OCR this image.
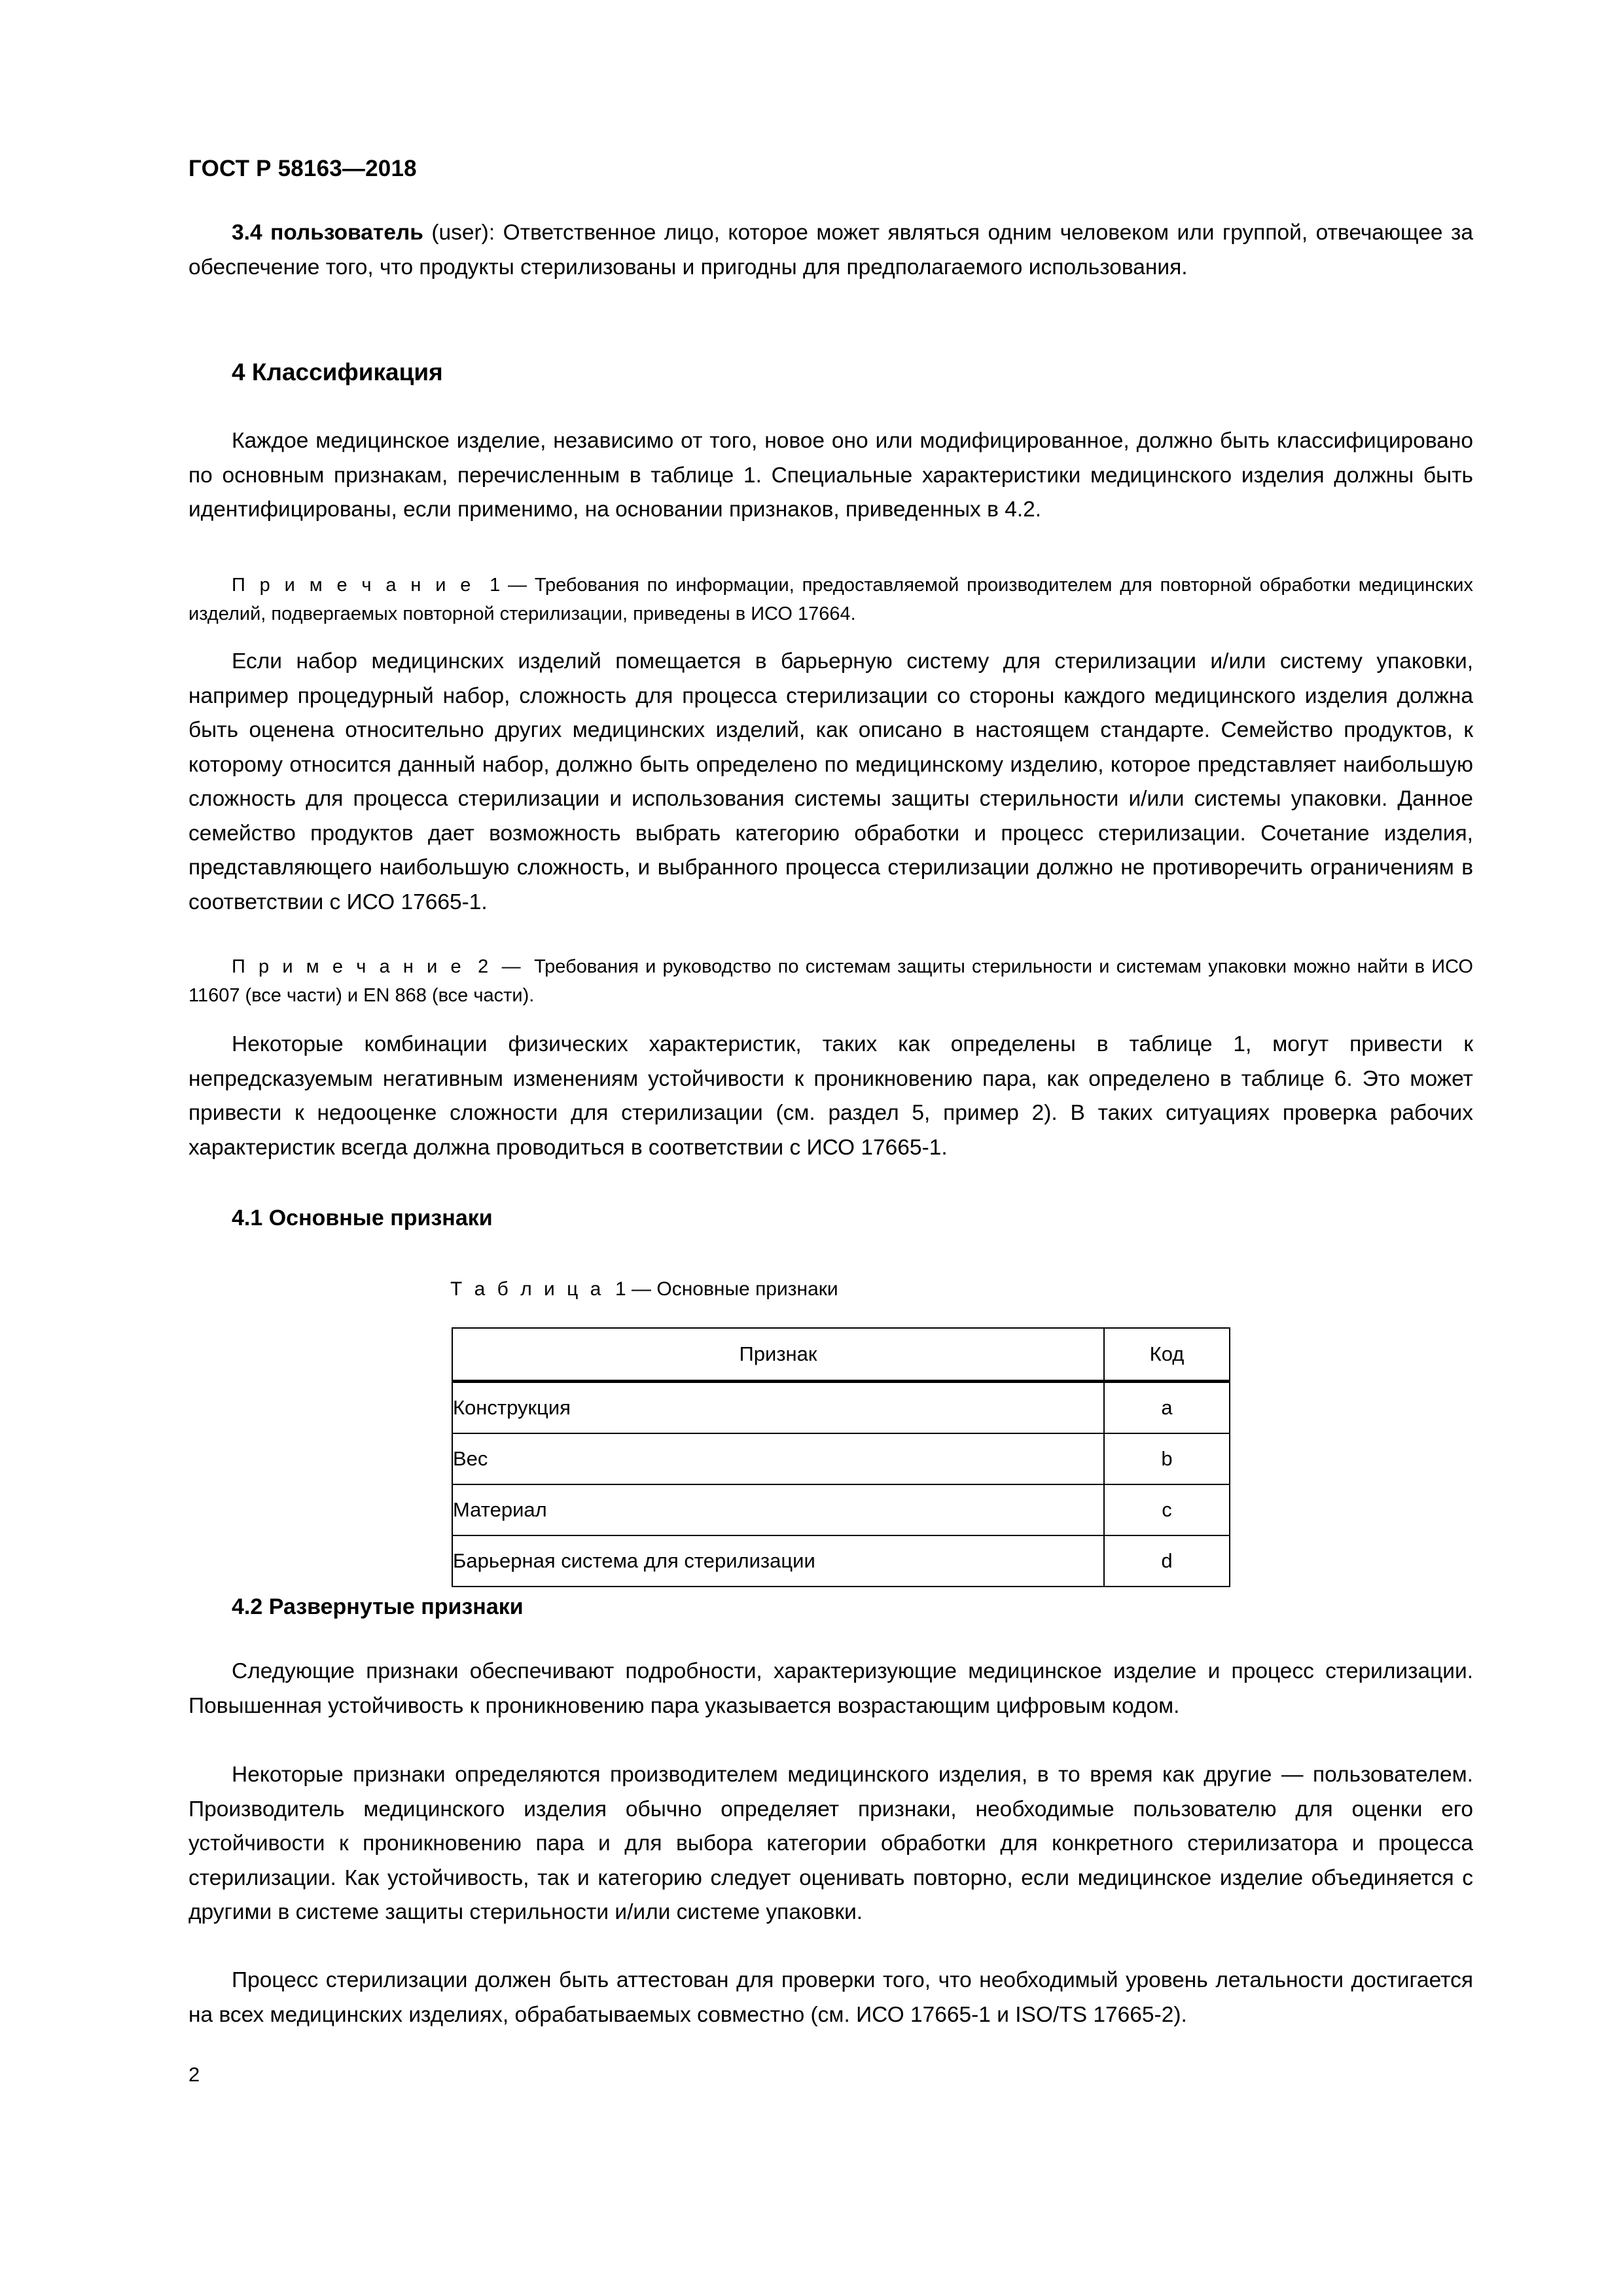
ГОСТ Р 58163—2018

3.4 пользователь (user): Ответственное лицо, которое может являться одним человеком или группой, отвечающее за обеспечение того, что продукты стерилизованы и пригодны для предполагаемого использования.

4 Классификация

Каждое медицинское изделие, независимо от того, новое оно или модифицированное, должно быть классифицировано по основным признакам, перечисленным в таблице 1. Специальные характеристики медицинского изделия должны быть идентифицированы, если применимо, на основании признаков, приведенных в 4.2.

П р и м е ч а н и е 1 — Требования по информации, предоставляемой производителем для повторной обработки медицинских изделий, подвергаемых повторной стерилизации, приведены в ИСО 17664.

Если набор медицинских изделий помещается в барьерную систему для стерилизации и/или систему упаковки, например процедурный набор, сложность для процесса стерилизации со стороны каждого медицинского изделия должна быть оценена относительно других медицинских изделий, как описано в настоящем стандарте. Семейство продуктов, к которому относится данный набор, должно быть определено по медицинскому изделию, которое представляет наибольшую сложность для процесса стерилизации и использования системы защиты стерильности и/или системы упаковки. Данное семейство продуктов дает возможность выбрать категорию обработки и процесс стерилизации. Сочетание изделия, представляющего наибольшую сложность, и выбранного процесса стерилизации должно не противоречить ограничениям в соответствии с ИСО 17665-1.

П р и м е ч а н и е 2 — Требования и руководство по системам защиты стерильности и системам упаковки можно найти в ИСО 11607 (все части) и EN 868 (все части).

Некоторые комбинации физических характеристик, таких как определены в таблице 1, могут привести к непредсказуемым негативным изменениям устойчивости к проникновению пара, как определено в таблице 6. Это может привести к недооценке сложности для стерилизации (см. раздел 5, пример 2). В таких ситуациях проверка рабочих характеристик всегда должна проводиться в соответствии с ИСО 17665-1.

4.1 Основные признаки

Т а б л и ц а 1 — Основные признаки

Признак	Код
Конструкция	a
Вес	b
Материал	c
Барьерная система для стерилизации	d
4.2 Развернутые признаки

Следующие признаки обеспечивают подробности, характеризующие медицинское изделие и процесс стерилизации. Повышенная устойчивость к проникновению пара указывается возрастающим цифровым кодом.

Некоторые признаки определяются производителем медицинского изделия, в то время как другие — пользователем. Производитель медицинского изделия обычно определяет признаки, необходимые пользователю для оценки его устойчивости к проникновению пара и для выбора категории обработки для конкретного стерилизатора и процесса стерилизации. Как устойчивость, так и категорию следует оценивать повторно, если медицинское изделие объединяется с другими в системе защиты стерильности и/или системе упаковки.

Процесс стерилизации должен быть аттестован для проверки того, что необходимый уровень летальности достигается на всех медицинских изделиях, обрабатываемых совместно (см. ИСО 17665-1 и ISO/TS 17665-2).

2
